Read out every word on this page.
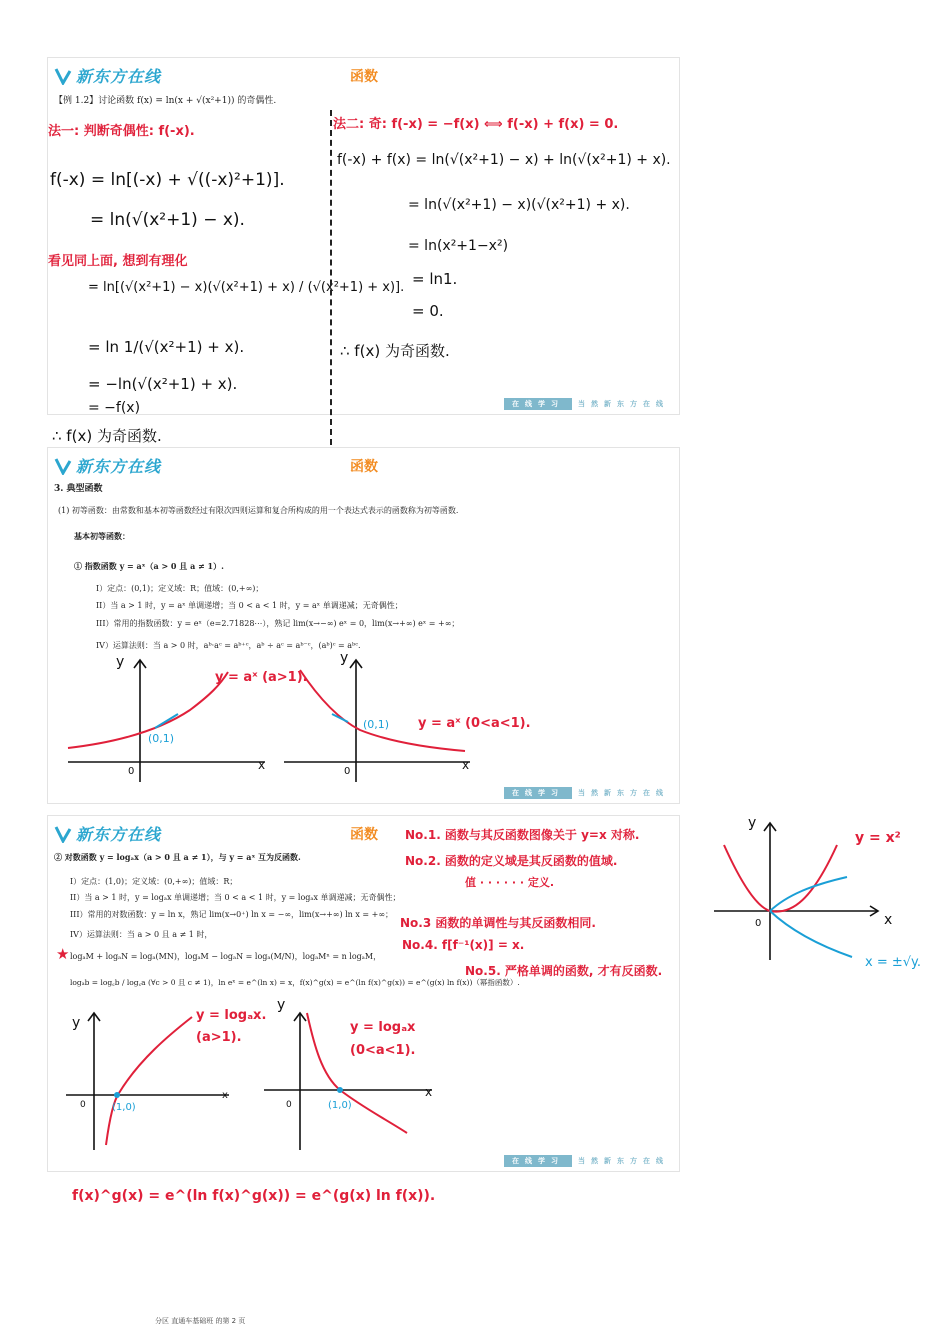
新东方在线	函数
【例 1.2】讨论函数 f(x) = ln(x + √(x²+1)) 的奇偶性.
在线学习	当然新东方在线
法一: 判断奇偶性: f(-x).
f(-x) = ln[(-x) + √((-x)²+1)].
= ln(√(x²+1) − x).
看见同上面, 想到有理化
= ln[(√(x²+1) − x)(√(x²+1) + x) / (√(x²+1) + x)].
= ln 1/(√(x²+1) + x).
= −ln(√(x²+1) + x).
= −f(x)
∴ f(x) 为奇函数.
法二: 奇: f(-x) = −f(x) ⟺ f(-x) + f(x) = 0.
f(-x) + f(x) = ln(√(x²+1) − x) + ln(√(x²+1) + x).
= ln(√(x²+1) − x)(√(x²+1) + x).
= ln(x²+1−x²)
= ln1.
= 0.
∴ f(x) 为奇函数.
新东方在线	函数
3. 典型函数
(1) 初等函数：由常数和基本初等函数经过有限次四则运算和复合所构成的用一个表达式表示的函数称为初等函数.
基本初等函数：
① 指数函数 y = aˣ（a > 0 且 a ≠ 1）.
I）定点：(0,1)；定义域：R；值域：(0,+∞)；
II）当 a > 1 时，y = aˣ 单调递增；当 0 < a < 1 时，y = aˣ 单调递减；无奇偶性；
III）常用的指数函数：y = eˣ（e=2.71828⋯），熟记 lim(x→−∞) eˣ = 0，lim(x→+∞) eˣ = +∞；
IV）运算法则：当 a > 0 时，aᵇ·aᶜ = aᵇ⁺ᶜ，aᵇ ÷ aᶜ = aᵇ⁻ᶜ，(aᵇ)ᶜ = aᵇᶜ.
在线学习	当然新东方在线
y
x
0
y = aˣ (a>1).
(0,1)
y
x
0
y = aˣ (0<a<1).
(0,1)
新东方在线	函数
② 对数函数 y = logₐx（a > 0 且 a ≠ 1），与 y = aˣ 互为反函数.
I）定点：(1,0)；定义域：(0,+∞)；值域：R；
II）当 a > 1 时，y = logₐx 单调递增；当 0 < a < 1 时，y = logₐx 单调递减；无奇偶性；
III）常用的对数函数：y = ln x，熟记 lim(x→0⁺) ln x = −∞，lim(x→+∞) ln x = +∞；
IV）运算法则：当 a > 0 且 a ≠ 1 时，
logₐM + logₐN = logₐ(MN)，logₐM − logₐN = logₐ(M/N)，logₐMⁿ = n logₐM，
logₐb = log꜀b / log꜀a (∀c > 0 且 c ≠ 1)，ln eˣ = e^(ln x) = x，f(x)^g(x) = e^(ln f(x)^g(x)) = e^(g(x) ln f(x))（幂指函数）.
在线学习	当然新东方在线
★
y
x
0
y = logₐx.
(a>1).
(1,0)
y
x
0
y = logₐx
(0<a<1).
(1,0)
No.1. 函数与其反函数图像关于 y=x 对称.
No.2. 函数的定义域是其反函数的值域.
值 · · · · · · 定义.
No.3 函数的单调性与其反函数相同.
No.4. f[f⁻¹(x)] = x.
No.5. 严格单调的函数, 才有反函数.
f(x)^g(x) = e^(ln f(x)^g(x)) = e^(g(x) ln f(x)).
y
x
0
y = x²
x = ±√y.
分区 直通车基础班 的第 2 页
